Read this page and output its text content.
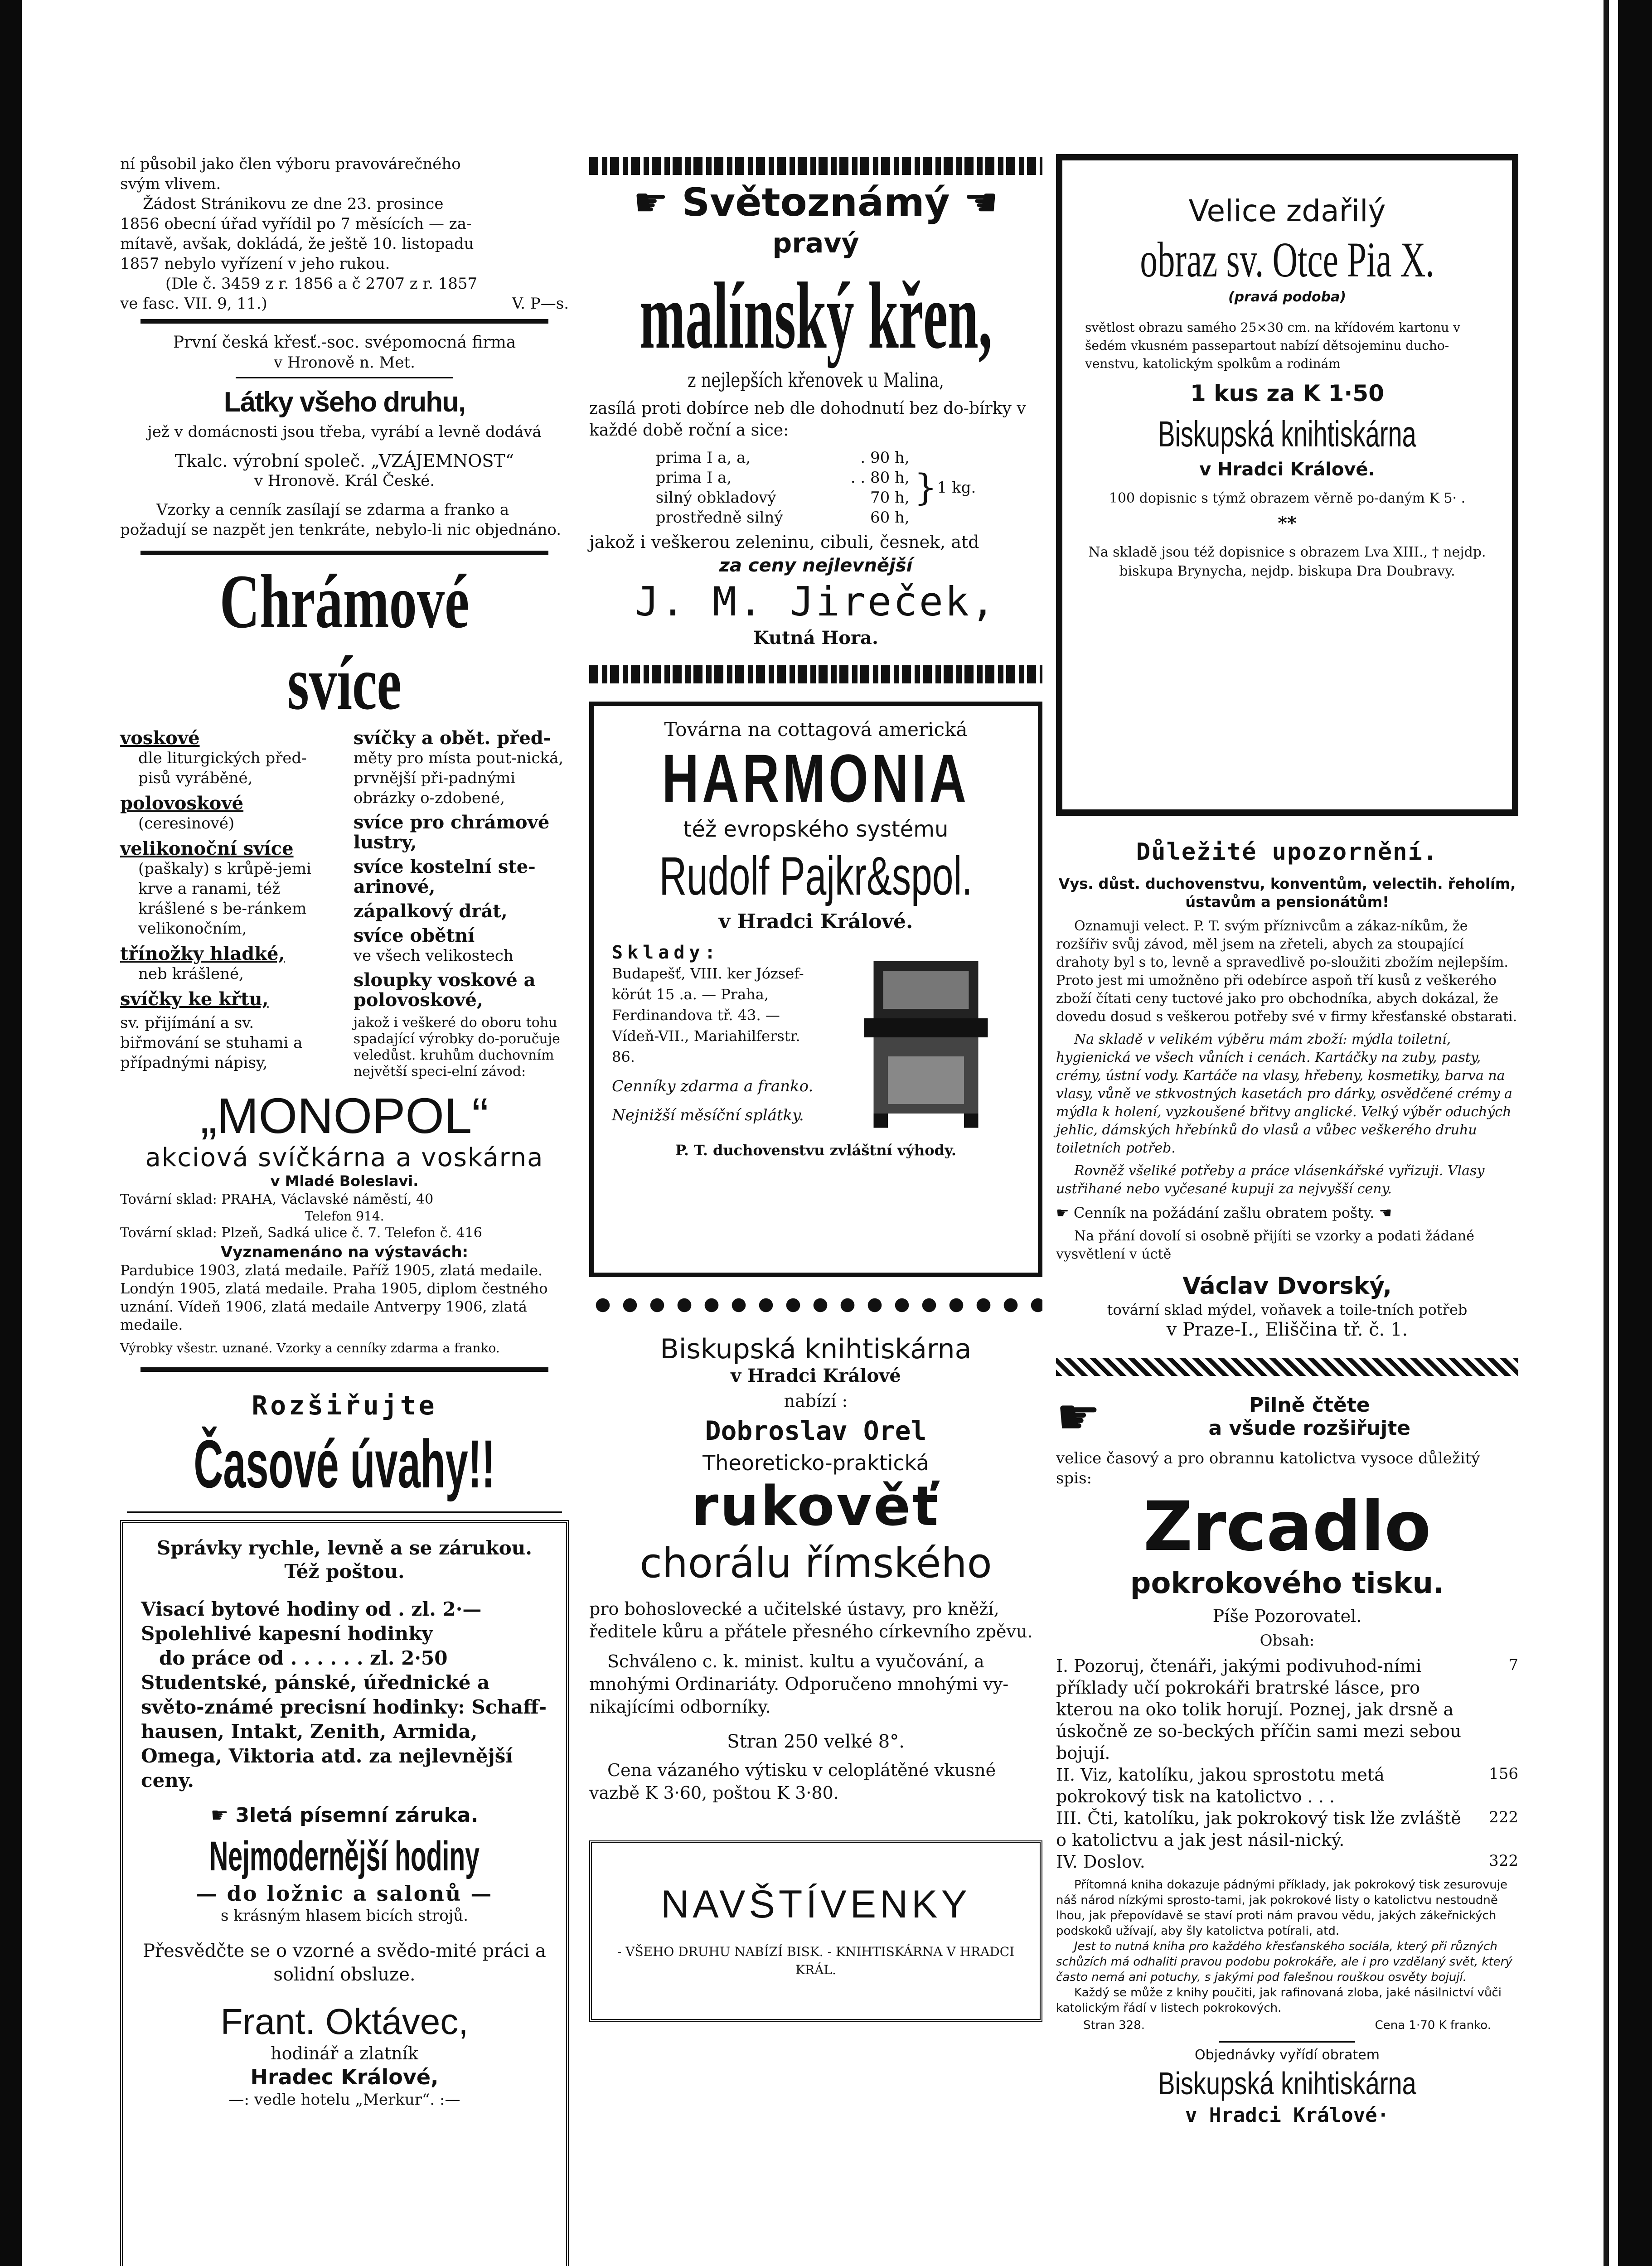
ní působil jako člen výboru pravovárečného

svým vlivem.

Žádost Stránikovu ze dne 23. prosince

1856 obecní úřad vyřídil po 7 měsících — za-

mítavě, avšak, dokládá, že ještě 10. listopadu

1857 nebylo vyřízení v jeho rukou.

(Dle č. 3459 z r. 1856 a č 2707 z r. 1857

ve fasc. VII. 9, 11.)	V. P—s.

První česká křesť.-soc. svépomocná firma

v Hronově n. Met.

Látky všeho druhu,

jež v domácnosti jsou třeba, vyrábí a levně dodává

Tkalc. výrobní společ. „VZÁJEMNOST“

v Hronově. Král České.

Vzorky a cenník zasílají se zdarma a franko a požadují se nazpět jen tenkráte, nebylo-li nic objednáno.

Chrámové svíce

voskové

dle liturgických před-pisů vyráběné,

polovoskové

(ceresinové)

velikonoční svíce

(paškaly) s krůpě-jemi krve a ranami, též krášlené s be-ránkem velikonočním,

třínožky hladké,

neb krášlené,

svíčky ke křtu,

sv. přijímání a sv. biřmování se stuhami a případnými nápisy,

svíčky a obět. před-

měty pro místa pout-nická, prvnější při-padnými obrázky o-zdobené,

svíce pro chrámové lustry,

svíce kostelní ste-arinové,

zápalkový drát,

svíce obětní

ve všech velikostech

sloupky voskové a polovoskové,

jakož i veškeré do oboru tohu spadající výrobky do-poručuje veledůst. kruhům duchovním největší speci-elní závod:

„MONOPOL“

akciová svíčkárna a voskárna

v Mladé Boleslavi.

Tovární sklad: PRAHA, Václavské náměstí, 40

Telefon 914.

Tovární sklad: Plzeň, Sadká ulice č. 7. Telefon č. 416

Vyznamenáno na výstavách:

Pardubice 1903, zlatá medaile. Paříž 1905, zlatá medaile. Londýn 1905, zlatá medaile. Praha 1905, diplom čestného uznání. Vídeň 1906, zlatá medaile Antverpy 1906, zlatá medaile.

Výrobky všestr. uznané. Vzorky a cenníky zdarma a franko.

Rozšiřujte

Časové úvahy!!

Správky rychle, levně a se zárukou.

Též poštou.

Visací bytové hodiny od . zl. 2·—

Spolehlivé kapesní hodinky

do práce od . . . . . . zl. 2·50

Studentské, pánské, úřednické a světo-známé precisní hodinky: Schaff-hausen, Intakt, Zenith, Armida, Omega, Viktoria atd. za nejlevnější ceny.

☛ 3letá písemní záruka.

Nejmodernější hodiny

— do ložnic a salonů —

s krásným hlasem bicích strojů.

Přesvědčte se o vzorné a svědo-mité práci a solidní obsluze.

Frant. Oktávec,

hodinář a zlatník

Hradec Králové,

—: vedle hotelu „Merkur“. :—

☛ Světoznámý ☚

pravý

malínský křen,

z nejlepších křenovek u Malina,

zasílá proti dobírce neb dle dohodnutí bez do-bírky v každé době roční a sice:

prima I a, a,	. 90 h,
prima I a,	. . 80 h,
silný obkladový	70 h,
prostředně silný	60 h,
} 1 kg.

jakož i veškerou zeleninu, cibuli, česnek, atd

za ceny nejlevnější

J. M. Jireček,

Kutná Hora.

Továrna na cottagová americká

HARMONIA

též evropského systému

Rudolf Pajkr&spol.

v Hradci Králové.

Sklady:

Budapešť, VIII. ker József-körút 15 .a. — Praha, Ferdinandova tř. 43. — Vídeň-VII., Mariahilferstr. 86.

Cenníky zdarma a franko.

Nejnižší měsíční splátky.

P. T. duchovenstvu zvláštní výhody.

Biskupská knihtiskárna

v Hradci Králové

nabízí :

Dobroslav Orel

Theoreticko-praktická

rukověť

chorálu římského

pro bohoslovecké a učitelské ústavy, pro kněží, ředitele kůru a přátele přesného církevního zpěvu.

Schváleno c. k. minist. kultu a vyučování, a mnohými Ordinariáty. Odporučeno mnohými vy-nikajícími odborníky.

Stran 250 velké 8°.

Cena vázaného výtisku v celoplátěné vkusné vazbě K 3·60, poštou K 3·80.

NAVŠTÍVENKY

- VŠEHO DRUHU NABÍZÍ BISK. - KNIHTISKÁRNA V HRADCI KRÁL.

Velice zdařilý

obraz sv. Otce Pia X.

(pravá podoba)

světlost obrazu samého 25×30 cm. na křídovém kartonu v šedém vkusném passepartout nabízí dětsojeminu ducho-venstvu, katolickým spolkům a rodinám

1 kus za K 1·50

Biskupská knihtiskárna

v Hradci Králové.

100 dopisnic s týmž obrazem věrně po-daným K 5· .

**

Na skladě jsou též dopisnice s obrazem Lva XIII., † nejdp. biskupa Brynycha, nejdp. biskupa Dra Doubravy.

Důležité upozornění.

Vys. důst. duchovenstvu, konventům, velectih. řeholím, ústavům a pensionátům!

Oznamuji velect. P. T. svým příznivcům a zákaz-níkům, že rozšířiv svůj závod, měl jsem na zřeteli, abych za stoupající drahoty byl s to, levně a spravedlivě po-sloužiti zbožím nejlepším. Proto jest mi umožněno při odebírce aspoň tří kusů z veškerého zboží čítati ceny tuctové jako pro obchodníka, abych dokázal, že dovedu dosud s veškerou potřeby své v firmy křesťanské obstarati.

Na skladě v velikém výběru mám zboží: mýdla toiletní, hygienická ve všech vůních i cenách. Kartáčky na zuby, pasty, crémy, ústní vody. Kartáče na vlasy, hřebeny, kosmetiky, barva na vlasy, vůně ve stkvostných kasetách pro dárky, osvědčené crémy a mýdla k holení, vyzkoušené břitvy anglické. Velký výběr oduchých jehlic, dámských hřebínků do vlasů a vůbec veškerého druhu toiletních potřeb.

Rovněž všeliké potřeby a práce vlásenkářské vyřizuji. Vlasy ustřihané nebo vyčesané kupuji za nejvyšší ceny.

☛ Cenník na požádání zašlu obratem pošty. ☚

Na přání dovolí si osobně přijíti se vzorky a podati žádané vysvětlení v úctě

Václav Dvorský,

tovární sklad mýdel, voňavek a toile-tních potřeb

v Praze-I., Eliščina tř. č. 1.

☛	Pilně čtěte

a všude rozšiřujte

velice časový a pro obrannu katolictva vysoce důležitý spis:

Zrcadlo

pokrokového tisku.

Píše Pozorovatel.

Obsah:

I. Pozoruj, čtenáři, jakými podivuhod-ními příklady učí pokrokáři bratrské lásce, pro kterou na oko tolik horují. Poznej, jak drsně a úskočně ze so-beckých příčin sami mezi sebou bojují.

7

II. Viz, katolíku, jakou sprostotu metá pokrokový tisk na katolictvo . . .

156

III. Čti, katolíku, jak pokrokový tisk lže zvláště o katolictvu a jak jest násil-nický.

222

IV. Doslov.	322

Přítomná kniha dokazuje pádnými příklady, jak pokrokový tisk zesurovuje náš národ nízkými sprosto-tami, jak pokrokové listy o katolictvu nestoudně lhou, jak přepovídavě se staví proti nám pravou vědu, jakých zákeřnických podskoků užívají, aby šly katolictva potírali, atd.

Jest to nutná kniha pro každého křesťanského sociála, který při různých schůzích má odhaliti pravou podobu pokrokáře, ale i pro vzdělaný svět, který často nemá ani potuchy, s jakými pod falešnou rouškou osvěty bojují.

Každý se může z knihy poučiti, jak rafinovaná zloba, jaké násilnictví vůči katolickým řádí v listech pokrokových.

Stran 328.	Cena 1·70 K franko.

Objednávky vyřídí obratem

Biskupská knihtiskárna

v Hradci Králové·
